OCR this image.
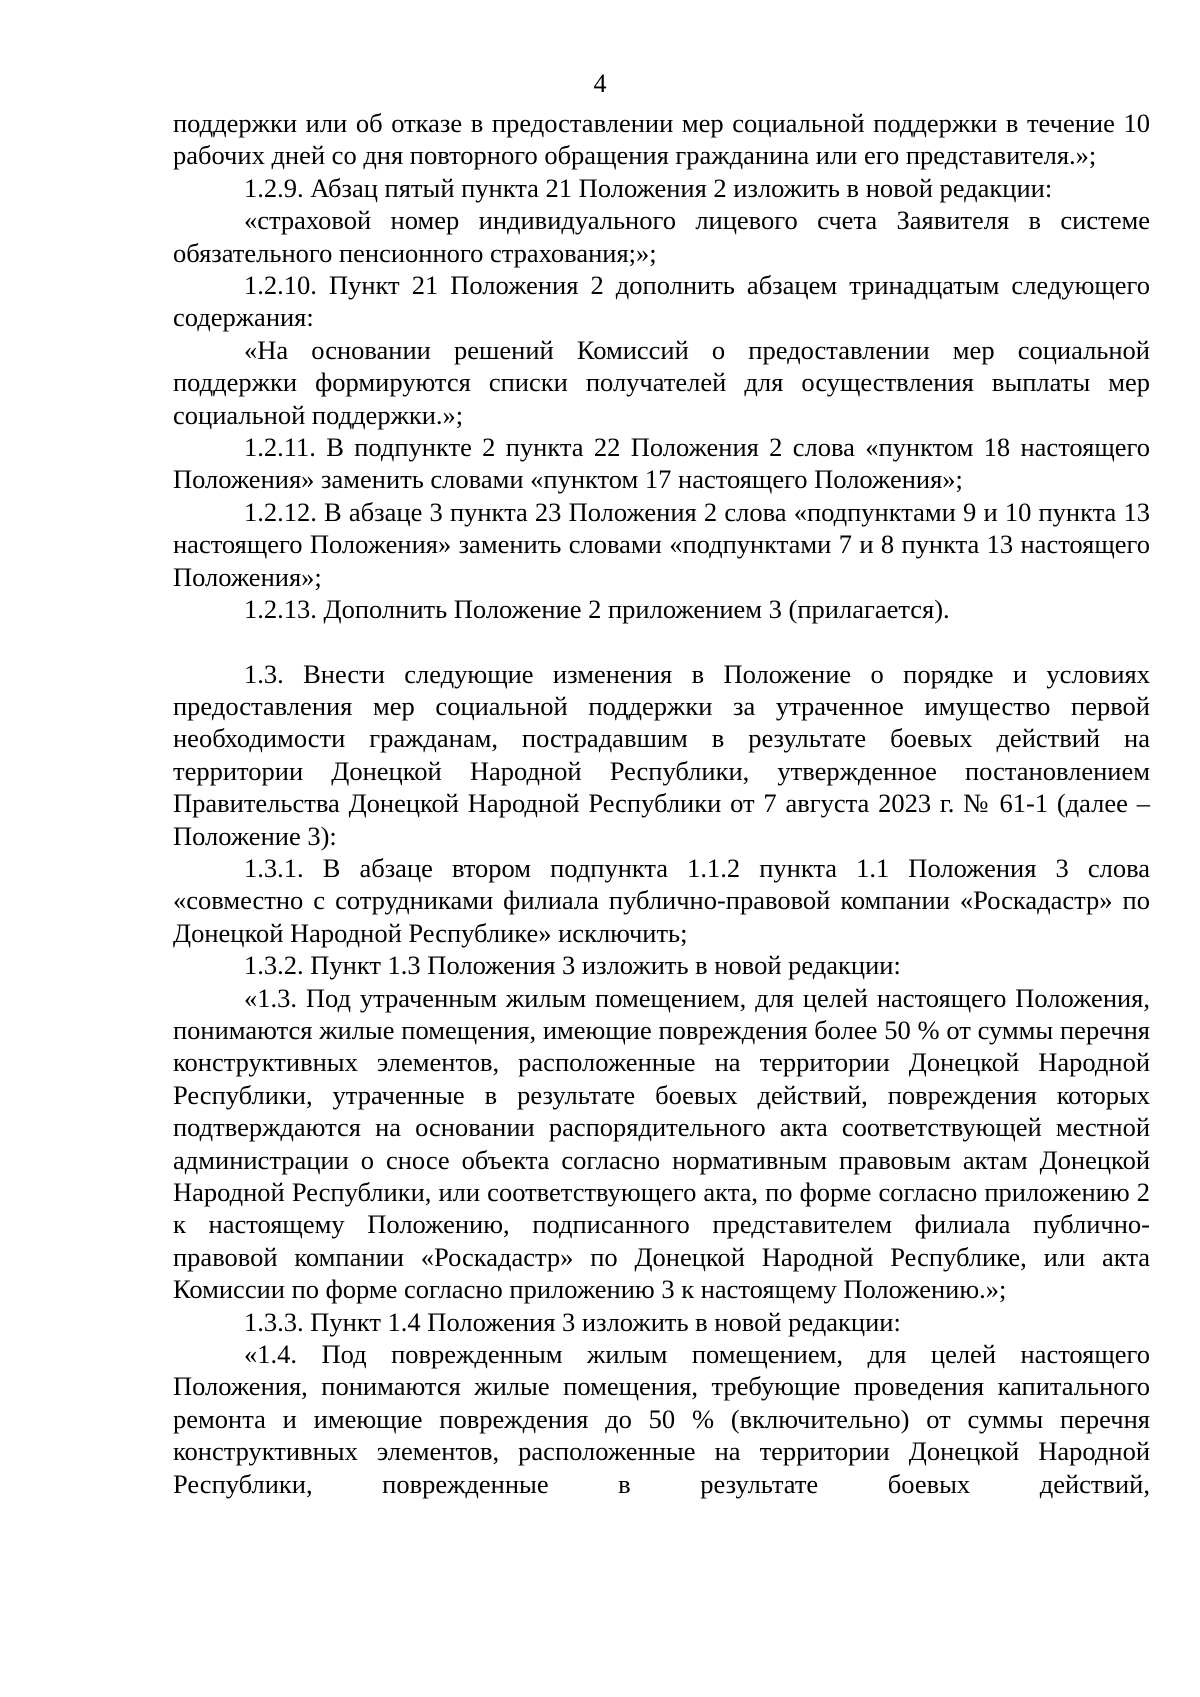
4

поддержки или об отказе в предоставлении мер социальной поддержки в течение 10 рабочих дней со дня повторного обращения гражданина или его представителя.»;

1.2.9. Абзац пятый пункта 21 Положения 2 изложить в новой редакции:

«страховой номер индивидуального лицевого счета Заявителя в системе обязательного пенсионного страхования;»;

1.2.10. Пункт 21 Положения 2 дополнить абзацем тринадцатым следующего содержания:

«На основании решений Комиссий о предоставлении мер социальной поддержки формируются списки получателей для осуществления выплаты мер социальной поддержки.»;

1.2.11. В подпункте 2 пункта 22 Положения 2 слова «пунктом 18 настоящего Положения» заменить словами «пунктом 17 настоящего Положения»;

1.2.12. В абзаце 3 пункта 23 Положения 2 слова «подпунктами 9 и 10 пункта 13 настоящего Положения» заменить словами «подпунктами 7 и 8 пункта 13 настоящего Положения»;

1.2.13. Дополнить Положение 2 приложением 3 (прилагается).

1.3. Внести следующие изменения в Положение о порядке и условиях предоставления мер социальной поддержки за утраченное имущество первой необходимости гражданам, пострадавшим в результате боевых действий на территории Донецкой Народной Республики, утвержденное постановлением Правительства Донецкой Народной Республики от 7 августа 2023 г. № 61-1 (далее – Положение 3):

1.3.1. В абзаце втором подпункта 1.1.2 пункта 1.1 Положения 3 слова «совместно с сотрудниками филиала публично-правовой компании «Роскадастр» по Донецкой Народной Республике» исключить;

1.3.2. Пункт 1.3 Положения 3 изложить в новой редакции:

«1.3. Под утраченным жилым помещением, для целей настоящего Положения, понимаются жилые помещения, имеющие повреждения более 50 % от суммы перечня конструктивных элементов, расположенные на территории Донецкой Народной Республики, утраченные в результате боевых действий, повреждения которых подтверждаются на основании распорядительного акта соответствующей местной администрации о сносе объекта согласно нормативным правовым актам Донецкой Народной Республики, или соответствующего акта, по форме согласно приложению 2 к настоящему Положению, подписанного представителем филиала публично-правовой компании «Роскадастр» по Донецкой Народной Республике, или акта Комиссии по форме согласно приложению 3 к настоящему Положению.»;

1.3.3. Пункт 1.4 Положения 3 изложить в новой редакции:

«1.4. Под поврежденным жилым помещением, для целей настоящего Положения, понимаются жилые помещения, требующие проведения капитального ремонта и имеющие повреждения до 50 % (включительно) от суммы перечня конструктивных элементов, расположенные на территории Донецкой Народной Республики, поврежденные в результате боевых действий,
